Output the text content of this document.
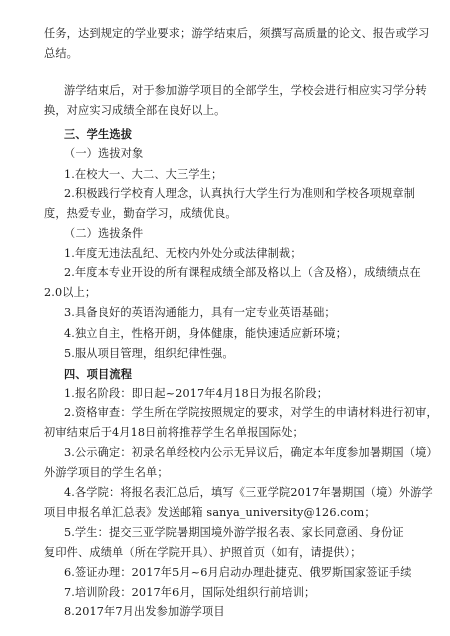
任务，达到规定的学业要求；游学结束后，须撰写高质量的论文、报告或学习
总结。
游学结束后，对于参加游学项目的全部学生，学校会进行相应实习学分转
换，对应实习成绩全部在良好以上。
三、学生选拔
（一）选拔对象
1.在校大一、大二、大三学生；
2.积极践行学校育人理念，认真执行大学生行为准则和学校各项规章制
度，热爱专业，勤奋学习，成绩优良。
（二）选拔条件
1.年度无违法乱纪、无校内外处分或法律制裁；
2.年度本专业开设的所有课程成绩全部及格以上（含及格），成绩绩点在
2.0以上；
3.具备良好的英语沟通能力，具有一定专业英语基础；
4.独立自主，性格开朗，身体健康，能快速适应新环境；
5.服从项目管理，组织纪律性强。
四、项目流程
1.报名阶段：即日起~2017年4月18日为报名阶段；
2.资格审查：学生所在学院按照规定的要求，对学生的申请材料进行初审，
初审结束后于4月18日前将推荐学生名单报国际处；
3.公示确定：初录名单经校内公示无异议后，确定本年度参加暑期国（境）
外游学项目的学生名单；
4.各学院：将报名表汇总后，填写《三亚学院2017年暑期国（境）外游学
项目申报名单汇总表》发送邮箱 sanya_university@126.com；
5.学生：提交三亚学院暑期国境外游学报名表、家长同意函、身份证
复印件、成绩单（所在学院开具）、护照首页（如有，请提供）；
6.签证办理：2017年5月~6月启动办理赴捷克、俄罗斯国家签证手续
7.培训阶段：2017年6月，国际处组织行前培训；
8.2017年7月出发参加游学项目
